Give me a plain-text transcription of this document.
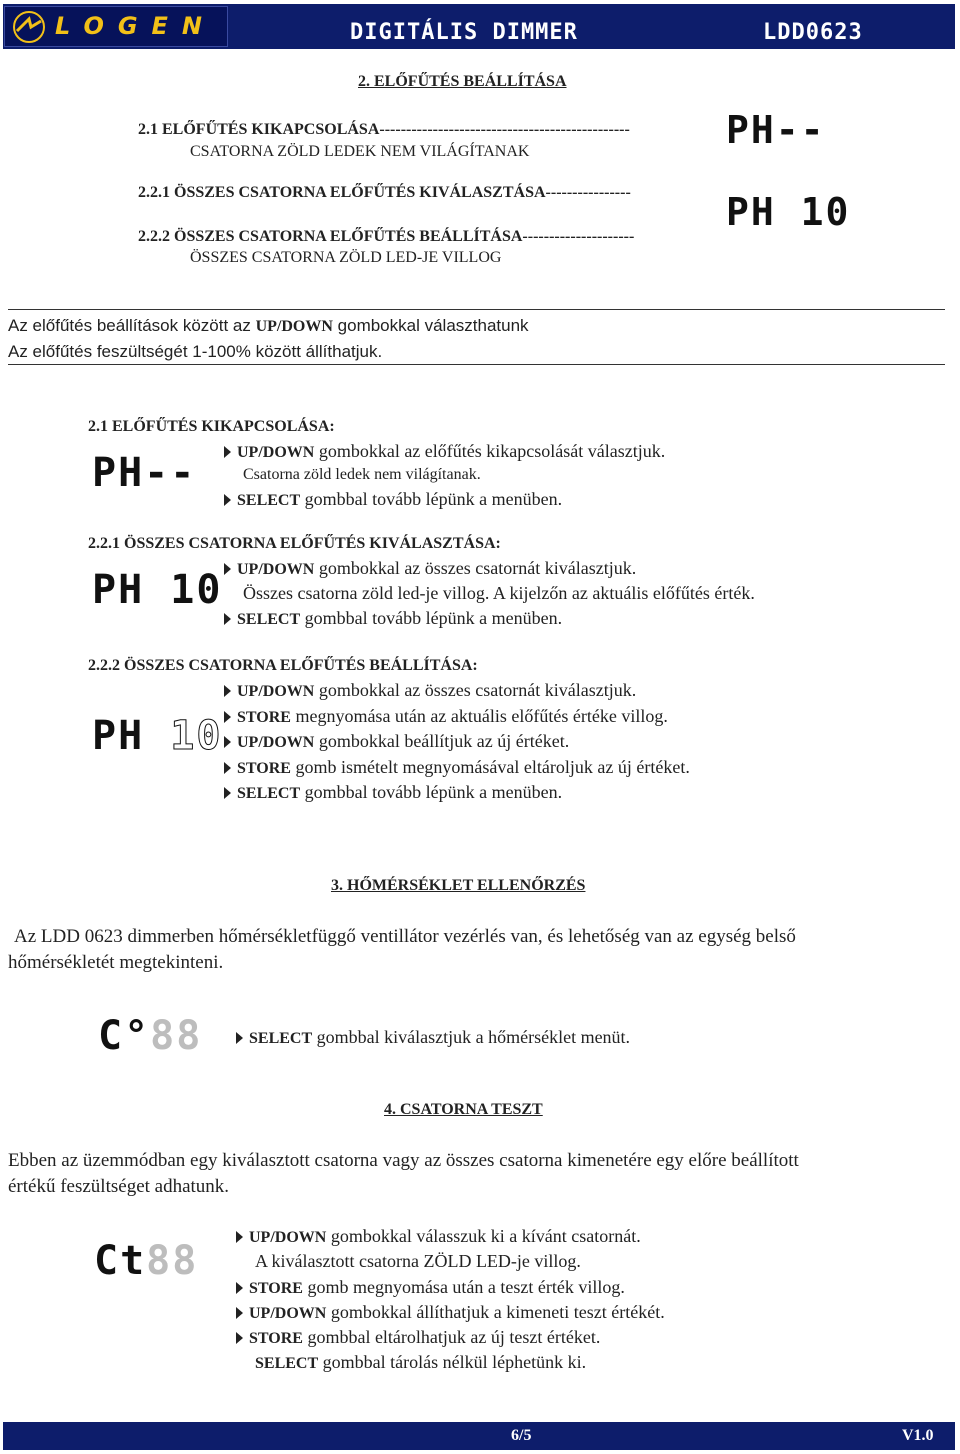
LOGEN	DIGITÁLIS DIMMER	LDD0623
2. ELŐFŰTÉS BEÁLLÍTÁSA
2.1 ELŐFŰTÉS KIKAPCSOLÁSA-----------------------------------------------
CSATORNA ZÖLD LEDEK NEM VILÁGÍTANAK
2.2.1 ÖSSZES CSATORNA ELŐFŰTÉS KIVÁLASZTÁSA----------------
2.2.2 ÖSSZES CSATORNA ELŐFŰTÉS BEÁLLÍTÁSA---------------------
ÖSSZES CSATORNA ZÖLD LED-JE VILLOG
PH--
PH 10
Az előfűtés beállítások között az UP/DOWN gombokkal választhatunk
Az előfűtés feszültségét 1-100% között állíthatjuk.
2.1 ELŐFŰTÉS KIKAPCSOLÁSA:
PH--	UP/DOWN gombokkal az előfűtés kikapcsolását választjuk.
Csatorna zöld ledek nem világítanak.
SELECT gombbal tovább lépünk a menüben.
2.2.1 ÖSSZES CSATORNA ELŐFŰTÉS KIVÁLASZTÁSA:
PH 10 UP/DOWN gombokkal az összes csatornát kiválasztjuk.
Összes csatorna zöld led-je villog. A kijelzőn az aktuális előfűtés érték.
SELECT gombbal tovább lépünk a menüben.
2.2.2 ÖSSZES CSATORNA ELŐFŰTÉS BEÁLLÍTÁSA:
PH 10
UP/DOWN gombokkal az összes csatornát kiválasztjuk.
STORE megnyomása után az aktuális előfűtés értéke villog.
UP/DOWN gombokkal beállítjuk az új értéket.
STORE gomb ismételt megnyomásával eltároljuk az új értéket.
SELECT gombbal tovább lépünk a menüben.
3. HŐMÉRSÉKLET ELLENŐRZÉS
Az LDD 0623 dimmerben hőmérsékletfüggő ventillátor vezérlés van, és lehetőség van az egység belső
hőmérsékletét megtekinteni.
C°88	SELECT gombbal kiválasztjuk a hőmérséklet menüt.
4. CSATORNA TESZT
Ebben az üzemmódban egy kiválasztott csatorna vagy az összes csatorna kimenetére egy előre beállított
értékű feszültséget adhatunk.
Ct88
UP/DOWN gombokkal válasszuk ki a kívánt csatornát.
A kiválasztott csatorna ZÖLD LED-je villog.
STORE gomb megnyomása után a teszt érték villog.
UP/DOWN gombokkal állíthatjuk a kimeneti teszt értékét.
STORE gombbal eltárolhatjuk az új teszt értéket.
SELECT gombbal tárolás nélkül léphetünk ki.
6/5	V1.0
